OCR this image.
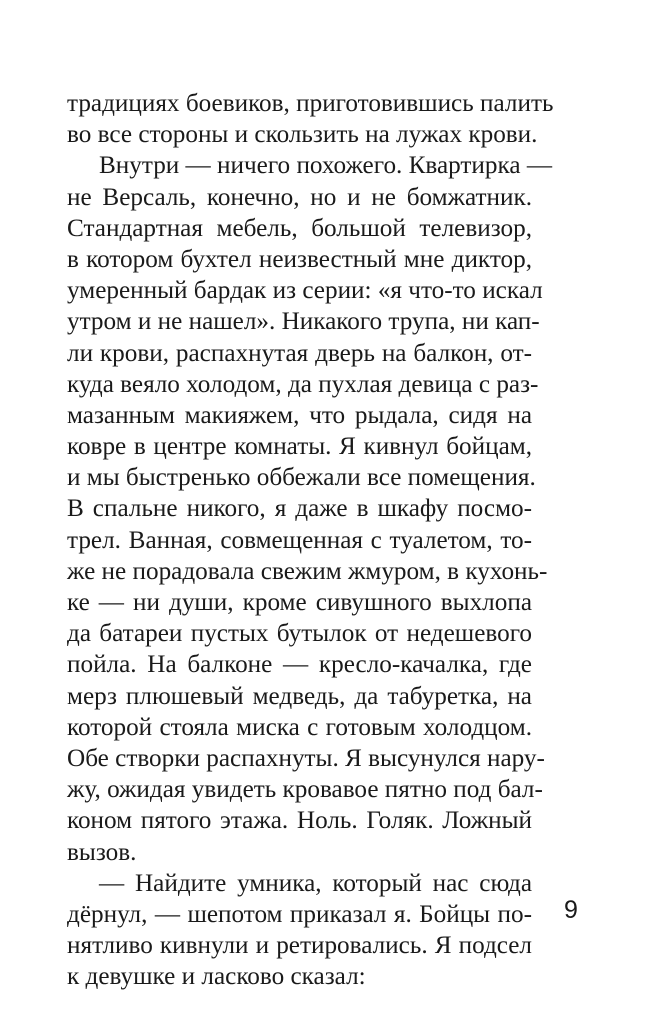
традициях боевиков, приготовившись палить
во все стороны и скользить на лужах крови.
Внутри — ничего похожего. Квартирка —
не Версаль, конечно, но и не бомжатник.
Стандартная мебель, большой телевизор,
в котором бухтел неизвестный мне диктор,
умеренный бардак из серии: «я что-то искал
утром и не нашел». Никакого трупа, ни кап-
ли крови, распахнутая дверь на балкон, от-
куда веяло холодом, да пухлая девица с раз-
мазанным макияжем, что рыдала, сидя на
ковре в центре комнаты. Я кивнул бойцам,
и мы быстренько оббежали все помещения.
В спальне никого, я даже в шкафу посмо-
трел. Ванная, совмещенная с туалетом, то-
же не порадовала свежим жмуром, в кухонь-
ке — ни души, кроме сивушного выхлопа
да батареи пустых бутылок от недешевого
пойла. На балконе — кресло-качалка, где
мерз плюшевый медведь, да табуретка, на
которой стояла миска с готовым холодцом.
Обе створки распахнуты. Я высунулся нару-
жу, ожидая увидеть кровавое пятно под бал-
коном пятого этажа. Ноль. Голяк. Ложный
вызов.
— Найдите умника, который нас сюда
дёрнул, — шепотом приказал я. Бойцы по-
нятливо кивнули и ретировались. Я подсел
к девушке и ласково сказал:
9
